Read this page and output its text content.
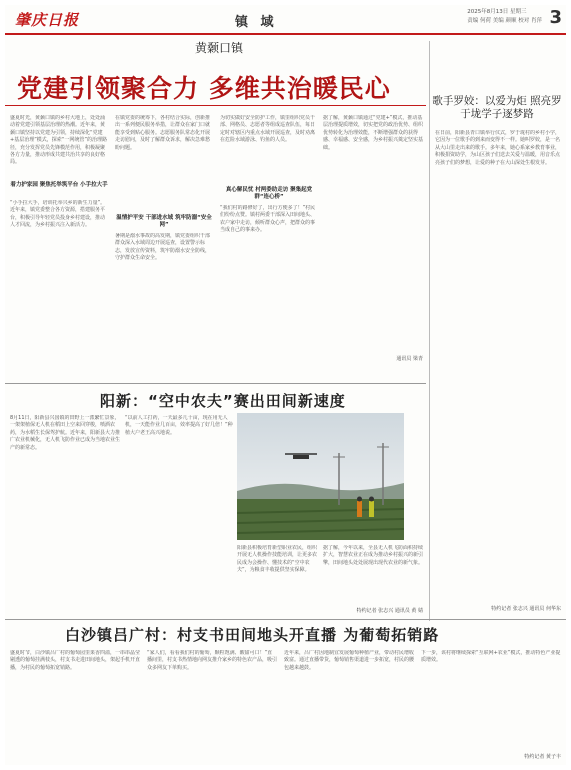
肇庆日报	镇 域
2025年8月13日 星期三
责编 何荷 美编 颜顺 校对 肖萍 3
黄颡口镇
党建引领聚合力 多维共治暖民心
盛夏时光，黄颡口镇的乡村大地上，处处涌动着党建引领基层治理的热潮。近年来，黄颡口镇坚持以党建为引领，持续深化“党建+基层治理”模式，探索“一网统管”的治理路径，充分发挥党员先锋模范作用，积极凝聚各方力量，推动形成共建共治共享的良好格局。
着力护家园 聚焦托举筑平台 小手拉大手
“小手拉大手，培训托举兴乡的新生力量”。近年来，镇党委整合各方资源，搭建服务平台，积极引导年轻党员投身乡村建设，推动人才回流，为乡村振兴注入新活力。
在镇党委的统筹下，各村结合实际，创新推出一系列便民服务举措，让群众在家门口就能享受到贴心服务。志愿服务队常态化开展走访慰问，及时了解群众诉求，解决急难愁盼问题。
温情护平安 干部进水域 筑牢防溺“安全网”
暑期是溺水事故的高发期，镇党委组织干部群众深入水域周边开展巡查，设置警示标志，发放宣传资料，筑牢防溺水安全防线，守护群众生命安全。
为切实做好安全防护工作，镇里组织党员干部、网格员、志愿者等组成巡查队伍，每日定时对辖区内重点水域开展巡查，及时劝离在危险水域游泳、钓鱼的人员。
真心解民忧 村两委助走访 聚集起党群“连心桥”
“我们村的路修好了，出行方便多了！”村民们纷纷点赞。镇村两委干部深入田间地头、农户家中走访，倾听群众心声，把群众的事当成自己的事来办。
据了解，黄颡口镇通过“党建+”模式，推动基层治理提质增效，切实把党的政治优势、组织优势转化为治理效能，不断增强群众的获得感、幸福感、安全感，为乡村振兴奠定坚实基础。
通讯员 梁青
歌手罗姣：以爱为炬 照亮罗于垅学子逐梦路
在日前，阳新县青口镇举行仪式，罗于垅村的乡村小学，它因为一位歌手的到来而变得不一样。她叫罗姣，是一名从大山里走出来的歌手。多年来，她心系家乡教育事业，积极捐资助学，为山区孩子们送去关爱与温暖，用音乐点亮孩子们的梦想，让爱的种子在大山深处生根发芽。
特约记者 张志兴 通讯员 何华东
阳新：“空中农夫”赛出田间新速度
8月11日，阳新县兴国镇的田野上一派繁忙景象，一架架植保无人机在稻田上空来回穿梭，喷洒农药，为水稻生长保驾护航。近年来，阳新县大力推广农业机械化，无人机飞防作业已成为当地农业生产的新常态。
“以前人工打药，一天最多几十亩，现在用无人机，一天能作业几百亩，效率提高了好几倍！”种植大户老王高兴地说。
阳新县积极培育新型职业农民，组织开展无人机操作技能培训，让更多农民成为会操作、懂技术的“空中农夫”，为粮食丰收提供坚实保障。
据了解，今年以来，全县无人机飞防面积持续扩大，智慧农业正在成为推动乡村振兴的新引擎，田间地头处处展现出现代农业的新气象。
特约记者 张志兴 通讯员 黄 婧
白沙镇吕广村：村支书田间地头开直播 为葡萄拓销路
盛夏时节，白沙镇吕广村的葡萄园里果香四溢，一串串晶莹剔透的葡萄挂满枝头，村支书走进田间地头，架起手机开直播，为村民的葡萄拓宽销路。
“家人们，看看我们村的葡萄，颗粒饱满、酸甜可口！”直播间里，村支书热情地向网友推介家乡的特色农产品，吸引众多网友下单购买。
近年来，吕广村因地制宜发展葡萄种植产业，带动村民增收致富。通过直播带货，葡萄销售渠道进一步拓宽，村民的腰包越来越鼓。
下一步，该村将继续探索“互联网+农业”模式，推动特色产业提质增效。
特约记者 黄子丰
